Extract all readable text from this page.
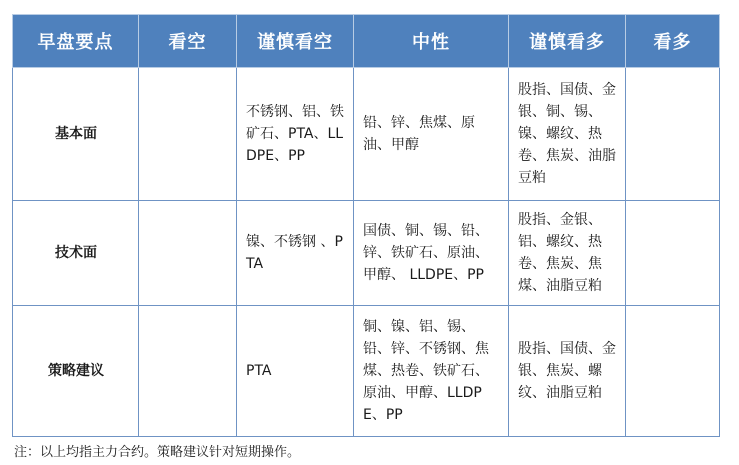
早盘要点	看空	谨慎看空	中性	谨慎看多	看多
基本面		不锈钢、铝、铁矿石、PTA、LLDPE、PP	铅、锌、焦煤、原油、甲醇	股指、国债、金银、铜、锡、镍、螺纹、热卷、焦炭、油脂豆粕	
技术面		镍、不锈钢 、PTA	国债、铜、锡、铅、锌、铁矿石、原油、甲醇、 LLDPE、PP	股指、金银、铝、螺纹、热卷、焦炭、焦煤、油脂豆粕	
策略建议		PTA	铜、镍、铝、锡、铅、锌、不锈钢、焦煤、热卷、铁矿石、原油、甲醇、LLDPE、PP	股指、国债、金银、焦炭、螺纹、油脂豆粕	
注：以上均指主力合约。策略建议针对短期操作。
